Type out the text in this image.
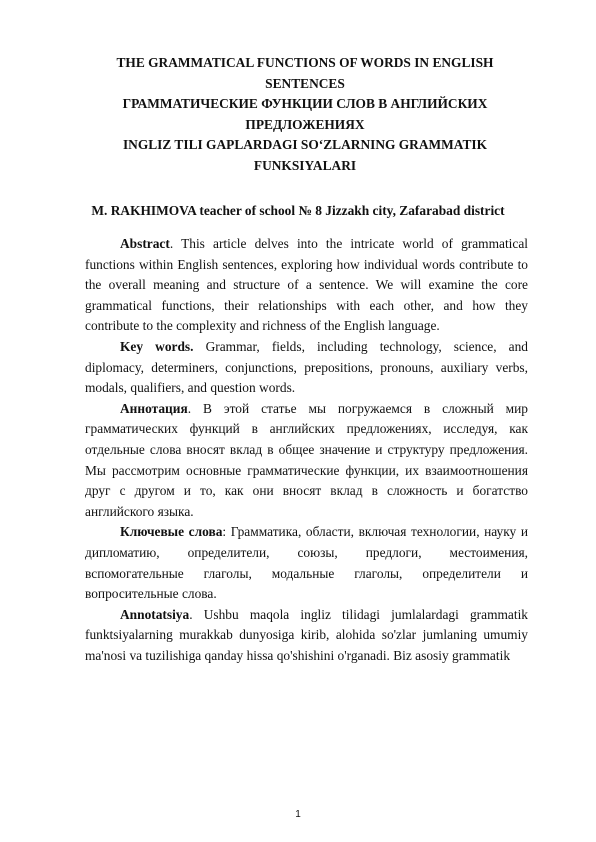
THE GRAMMATICAL FUNCTIONS OF WORDS IN ENGLISH SENTENCES

ГРАММАТИЧЕСКИЕ ФУНКЦИИ СЛОВ В АНГЛИЙСКИХ ПРЕДЛОЖЕНИЯХ

INGLIZ TILI GAPLARDAGI SO‘ZLARNING GRAMMATIK FUNKSIYALARI

M. RAKHIMOVA teacher of school № 8 Jizzakh city, Zafarabad district

Abstract. This article delves into the intricate world of grammatical functions within English sentences, exploring how individual words contribute to the overall meaning and structure of a sentence. We will examine the core grammatical functions, their relationships with each other, and how they contribute to the complexity and richness of the English language.

Key words. Grammar, fields, including technology, science, and diplomacy, determiners, conjunctions, prepositions, pronouns, auxiliary verbs, modals, qualifiers, and question words.

Аннотация. В этой статье мы погружаемся в сложный мир грамматических функций в английских предложениях, исследуя, как отдельные слова вносят вклад в общее значение и структуру предложения. Мы рассмотрим основные грамматические функции, их взаимоотношения друг с другом и то, как они вносят вклад в сложность и богатство английского языка.

Ключевые слова: Грамматика, области, включая технологии, науку и дипломатию, определители, союзы, предлоги, местоимения, вспомогательные глаголы, модальные глаголы, определители и вопросительные слова.

Annotatsiya. Ushbu maqola ingliz tilidagi jumlalardagi grammatik funktsiyalarning murakkab dunyosiga kirib, alohida so'zlar jumlaning umumiy ma'nosi va tuzilishiga qanday hissa qo'shishini o'rganadi. Biz asosiy grammatik

1
